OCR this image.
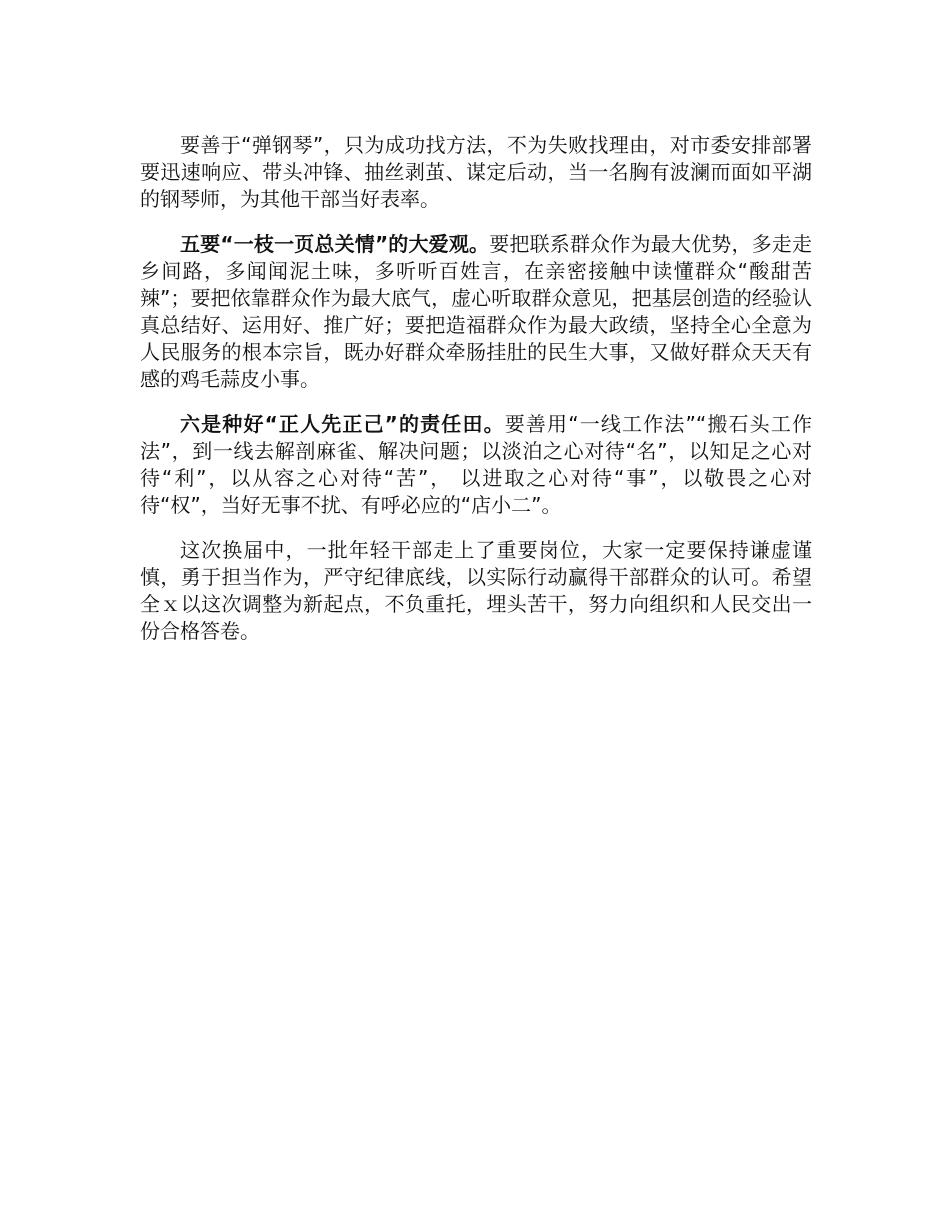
要善于“弹钢琴”，只为成功找方法，不为失败找理由，对市委安排部署要迅速响应、带头冲锋、抽丝剥茧、谋定后动，当一名胸有波澜而面如平湖的钢琴师，为其他干部当好表率。

五要“一枝一页总关情”的大爱观。要把联系群众作为最大优势，多走走乡间路，多闻闻泥土味，多听听百姓言，在亲密接触中读懂群众“酸甜苦辣”；要把依靠群众作为最大底气，虚心听取群众意见，把基层创造的经验认真总结好、运用好、推广好；要把造福群众作为最大政绩，坚持全心全意为人民服务的根本宗旨，既办好群众牵肠挂肚的民生大事，又做好群众天天有感的鸡毛蒜皮小事。

六是种好“正人先正己”的责任田。要善用“一线工作法”“搬石头工作法”，到一线去解剖麻雀、解决问题；以淡泊之心对待“名”，以知足之心对待“利”，以从容之心对待“苦”， 以进取之心对待“事”，以敬畏之心对待“权”，当好无事不扰、有呼必应的“店小二”。

这次换届中，一批年轻干部走上了重要岗位，大家一定要保持谦虚谨慎，勇于担当作为，严守纪律底线，以实际行动赢得干部群众的认可。希望全ｘ以这次调整为新起点，不负重托，埋头苦干，努力向组织和人民交出一份合格答卷。
